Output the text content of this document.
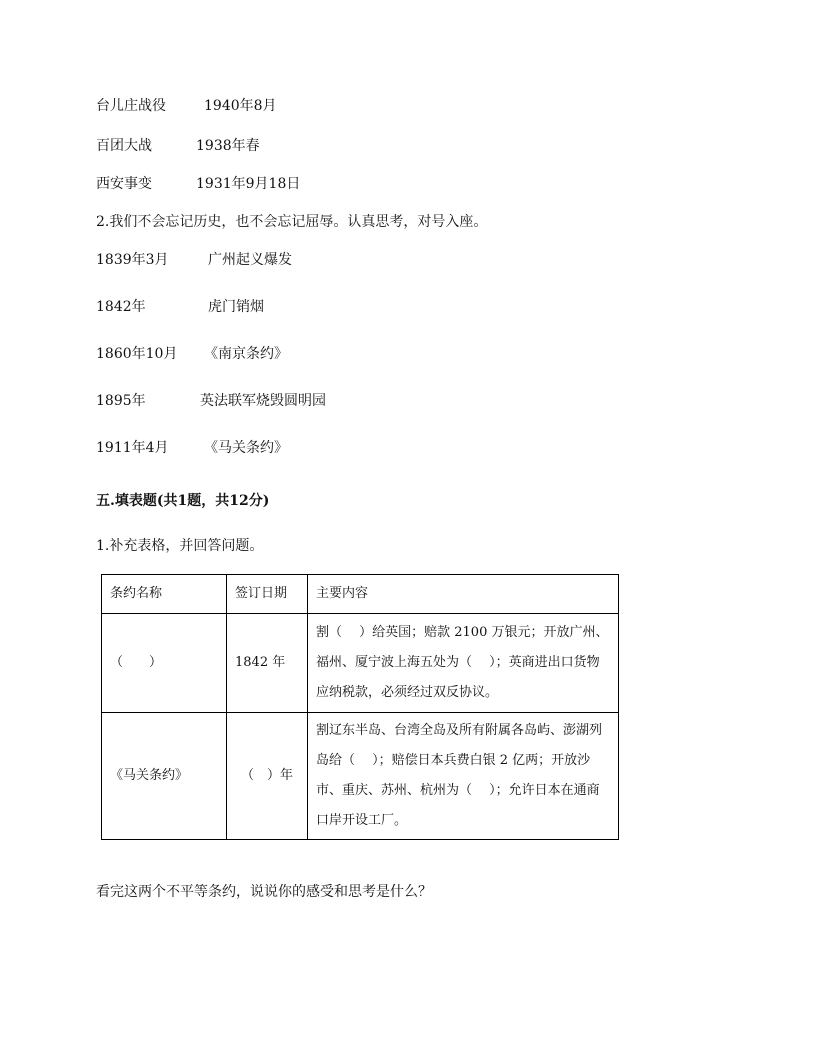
台儿庄战役	1940年8月
百团大战	1938年春
西安事变	1931年9月18日
2.我们不会忘记历史，也不会忘记屈辱。认真思考，对号入座。
1839年3月	广州起义爆发
1842年	虎门销烟
1860年10月 《南京条约》
1895年	英法联军烧毁圆明园
1911年4月	《马关条约》
五.填表题(共1题，共12分)
1.补充表格，并回答问题。
条约名称	签订日期	主要内容
（　　）	1842 年	割（　 ）给英国；赔款 2100 万银元；开放广州、福州、厦宁波上海五处为（　 ）；英商进出口货物应纳税款，必须经过双反协议。
《马关条约》	（　）年	割辽东半岛、台湾全岛及所有附属各岛屿、澎湖列岛给（　 ）；赔偿日本兵费白银 2 亿两；开放沙市、重庆、苏州、杭州为（　 ）；允许日本在通商口岸开设工厂。
看完这两个不平等条约，说说你的感受和思考是什么？
